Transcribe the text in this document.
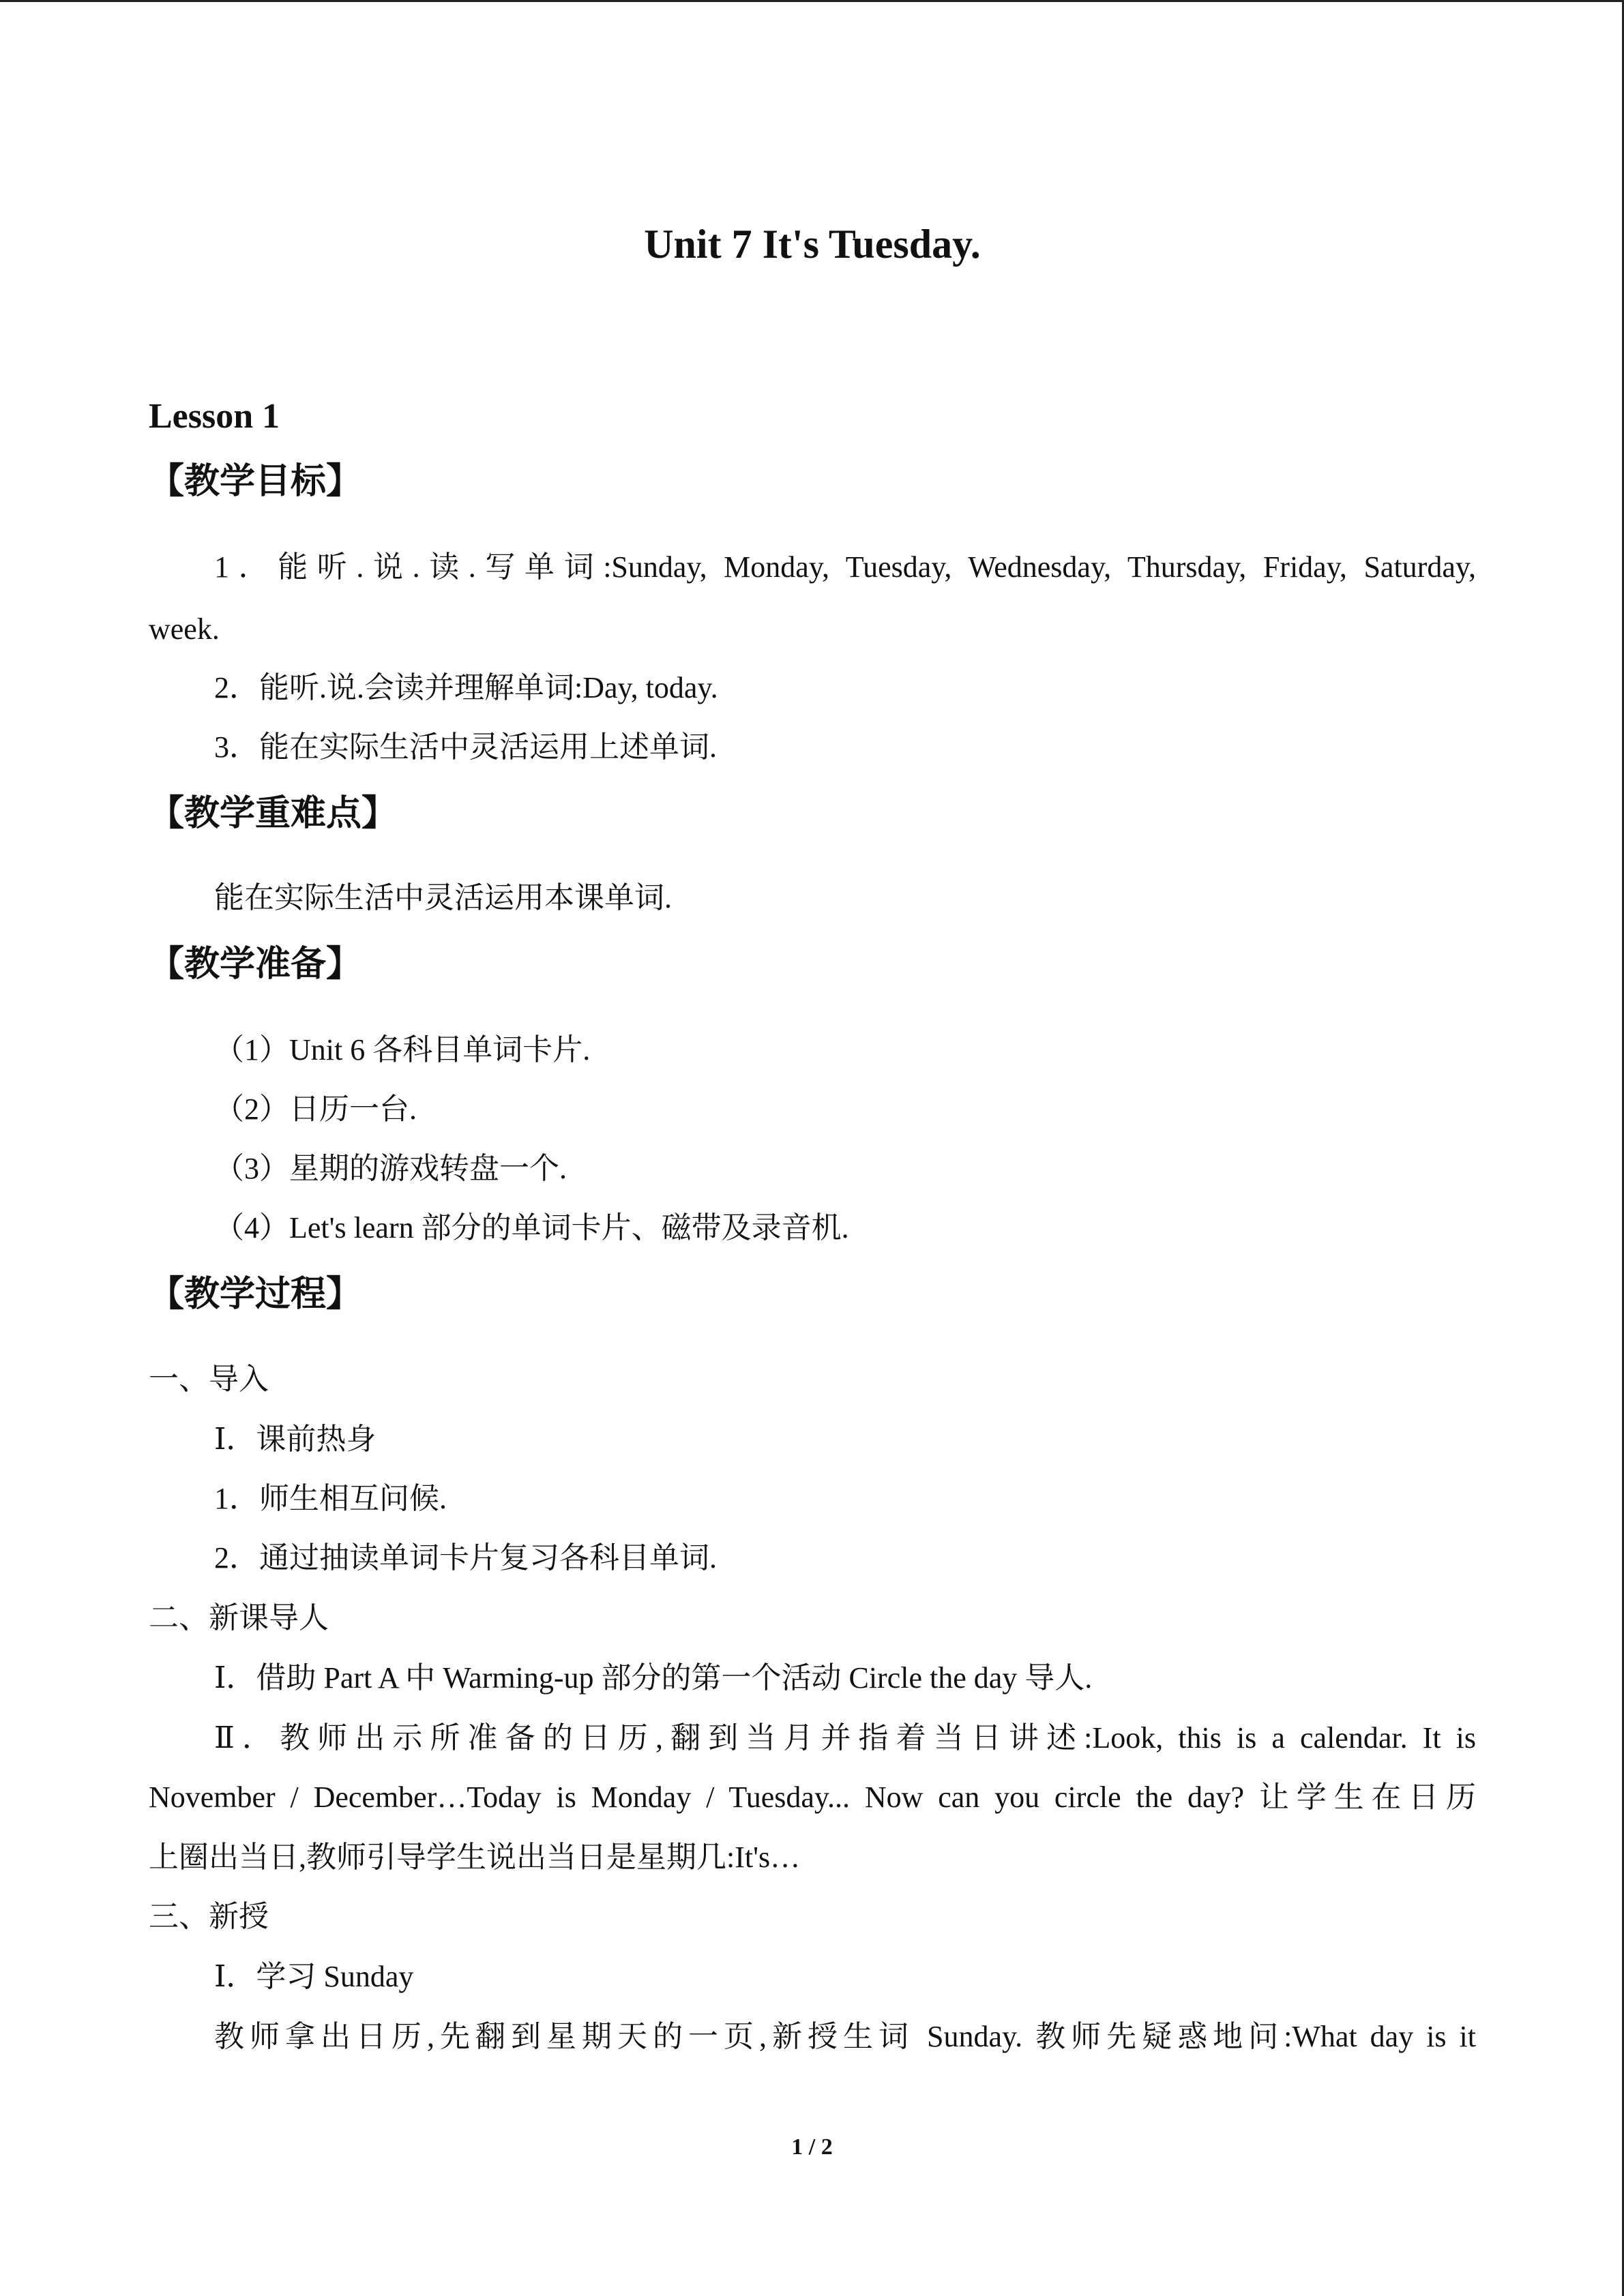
Unit 7 It's Tuesday.
Lesson 1
【教学目标】
1．能听.说.读.写单词:Sunday, Monday, Tuesday, Wednesday, Thursday, Friday, Saturday,
week.
2．能听.说.会读并理解单词:Day, today.
3．能在实际生活中灵活运用上述单词.
【教学重难点】
能在实际生活中灵活运用本课单词.
【教学准备】
（1）Unit 6 各科目单词卡片.
（2）日历一台.
（3）星期的游戏转盘一个.
（4）Let's learn 部分的单词卡片、磁带及录音机.
【教学过程】
一、导入
Ⅰ．课前热身
1．师生相互问候.
2．通过抽读单词卡片复习各科目单词.
二、新课导人
Ⅰ．借助 Part A 中 Warming-up 部分的第一个活动 Circle the day 导人.
Ⅱ．教师出示所准备的日历,翻到当月并指着当日讲述:Look, this is a calendar. It is
November / December…Today is Monday / Tuesday... Now can you circle the day? 让学生在日历
上圈出当日,教师引导学生说出当日是星期几:It's…
三、新授
Ⅰ．学习 Sunday
教师拿出日历,先翻到星期天的一页,新授生词 Sunday. 教师先疑惑地问:What day is it
1 / 2
